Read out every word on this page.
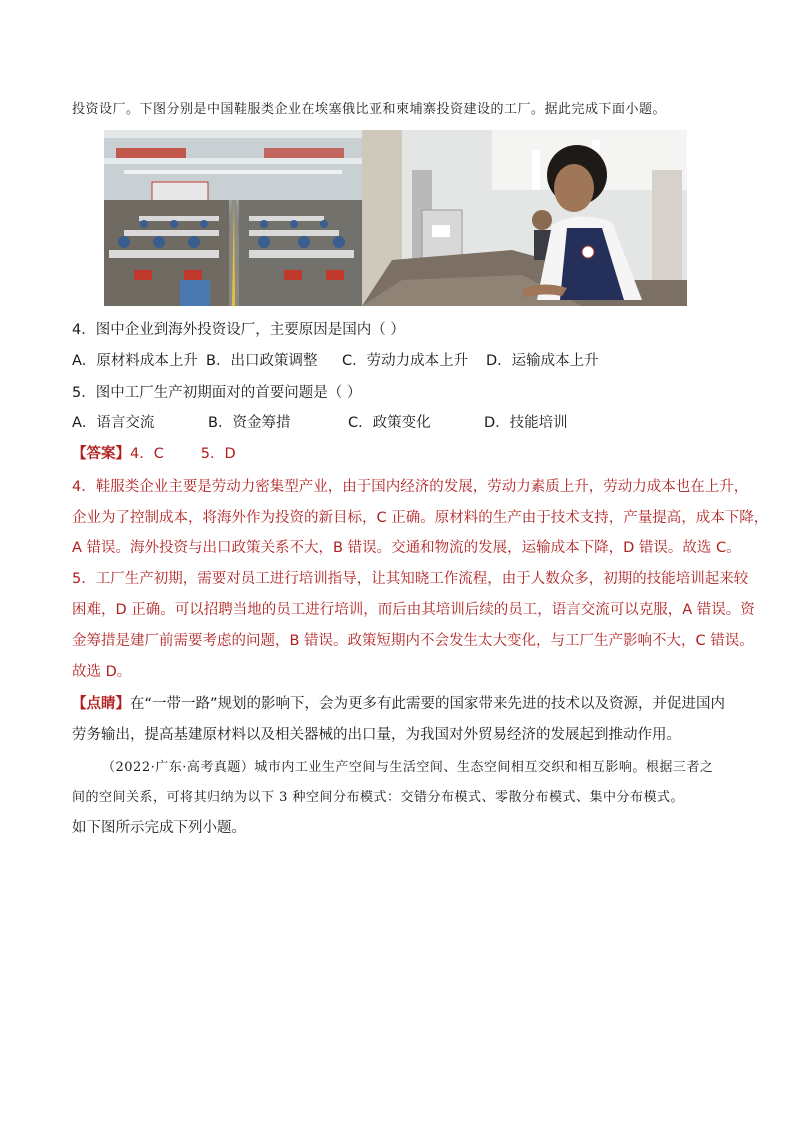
投资设厂。下图分别是中国鞋服类企业在埃塞俄比亚和柬埔寨投资建设的工厂。据此完成下面小题。
4．图中企业到海外投资设厂，主要原因是国内（ ）
A．原材料成本上升 B．出口政策调整 C．劳动力成本上升 D．运输成本上升
5．图中工厂生产初期面对的首要问题是（ ）
A．语言交流	B．资金筹措	C．政策变化	D．技能培训
【答案】4．C        5．D
4．鞋服类企业主要是劳动力密集型产业，由于国内经济的发展，劳动力素质上升，劳动力成本也在上升，
企业为了控制成本，将海外作为投资的新目标，C 正确。原材料的生产由于技术支持，产量提高，成本下降，
A 错误。海外投资与出口政策关系不大，B 错误。交通和物流的发展，运输成本下降，D 错误。故选 C。
5．工厂生产初期，需要对员工进行培训指导，让其知晓工作流程，由于人数众多，初期的技能培训起来较
困难，D 正确。可以招聘当地的员工进行培训，而后由其培训后续的员工，语言交流可以克服，A 错误。资
金筹措是建厂前需要考虑的问题，B 错误。政策短期内不会发生太大变化，与工厂生产影响不大，C 错误。
故选 D。
【点睛】在“一带一路”规划的影响下，会为更多有此需要的国家带来先进的技术以及资源，并促进国内
劳务输出，提高基建原材料以及相关器械的出口量，为我国对外贸易经济的发展起到推动作用。
（2022·广东·高考真题）城市内工业生产空间与生活空间、生态空间相互交织和相互影响。根据三者之
间的空间关系，可将其归纳为以下 3 种空间分布模式：交错分布模式、零散分布模式、集中分布模式。
如下图所示完成下列小题。
